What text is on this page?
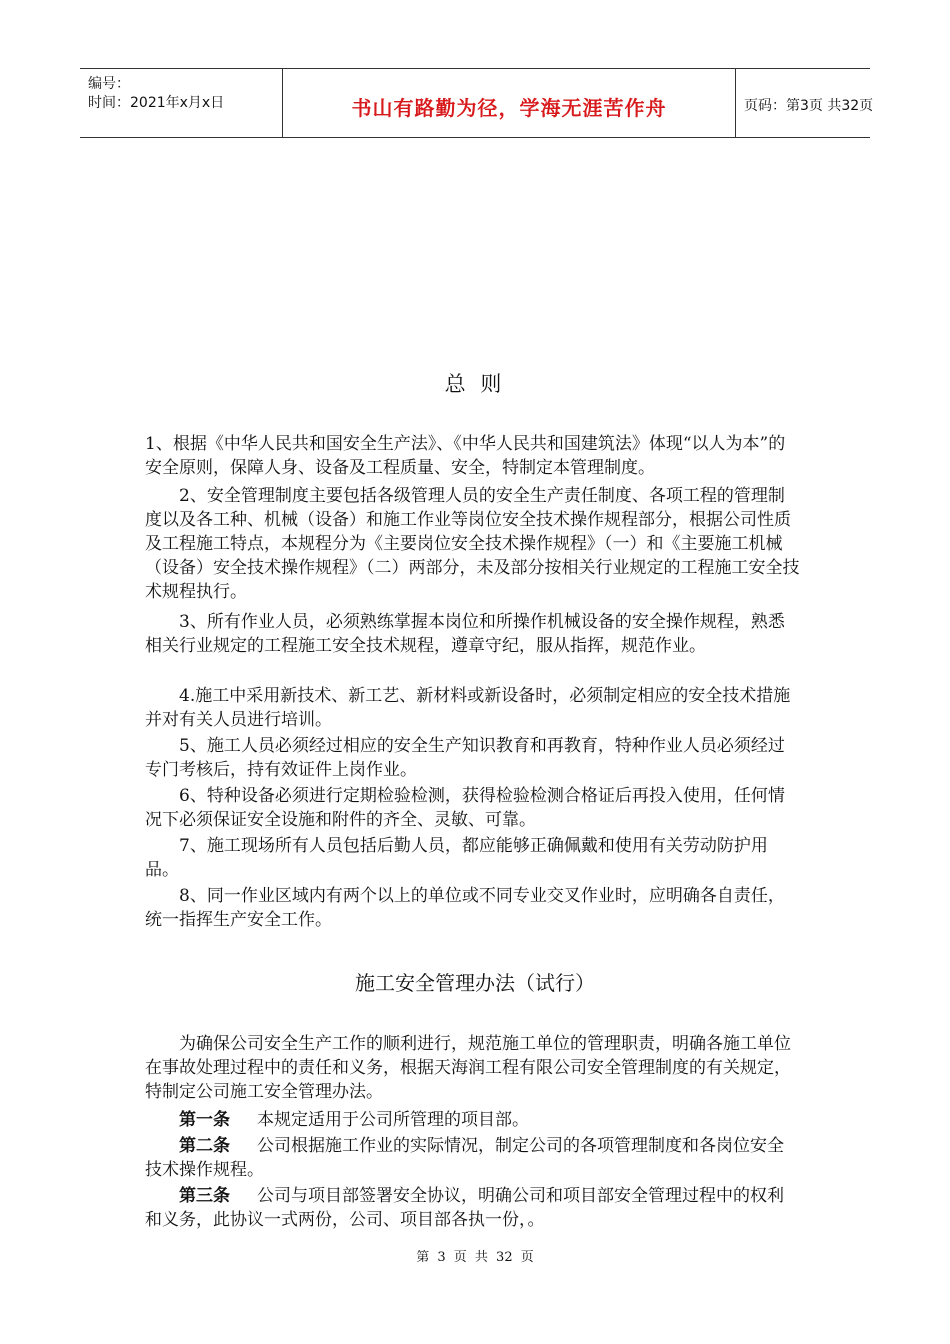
编号：
时间：2021年x月x日	书山有路勤为径，学海无涯苦作舟	页码：第3页 共32页
总 则

1、根据《中华人民共和国安全生产法》、《中华人民共和国建筑法》体现“以人为本”的安全原则，保障人身、设备及工程质量、安全，特制定本管理制度。

2、安全管理制度主要包括各级管理人员的安全生产责任制度、各项工程的管理制度以及各工种、机械（设备）和施工作业等岗位安全技术操作规程部分，根据公司性质及工程施工特点，本规程分为《主要岗位安全技术操作规程》（一）和《主要施工机械（设备）安全技术操作规程》（二）两部分，未及部分按相关行业规定的工程施工安全技术规程执行。

3、所有作业人员，必须熟练掌握本岗位和所操作机械设备的安全操作规程，熟悉相关行业规定的工程施工安全技术规程，遵章守纪，服从指挥，规范作业。

4.施工中采用新技术、新工艺、新材料或新设备时，必须制定相应的安全技术措施并对有关人员进行培训。

5、施工人员必须经过相应的安全生产知识教育和再教育，特种作业人员必须经过专门考核后，持有效证件上岗作业。

6、特种设备必须进行定期检验检测，获得检验检测合格证后再投入使用，任何情况下必须保证安全设施和附件的齐全、灵敏、可靠。

7、施工现场所有人员包括后勤人员，都应能够正确佩戴和使用有关劳动防护用品。

8、同一作业区域内有两个以上的单位或不同专业交叉作业时，应明确各自责任，统一指挥生产安全工作。

施工安全管理办法（试行）

为确保公司安全生产工作的顺利进行，规范施工单位的管理职责，明确各施工单位在事故处理过程中的责任和义务，根据天海润工程有限公司安全管理制度的有关规定，特制定公司施工安全管理办法。

第一条 本规定适用于公司所管理的项目部。

第二条 公司根据施工作业的实际情况，制定公司的各项管理制度和各岗位安全技术操作规程。

第三条 公司与项目部签署安全协议，明确公司和项目部安全管理过程中的权利和义务，此协议一式两份，公司、项目部各执一份，。

第 3 页 共 32 页
